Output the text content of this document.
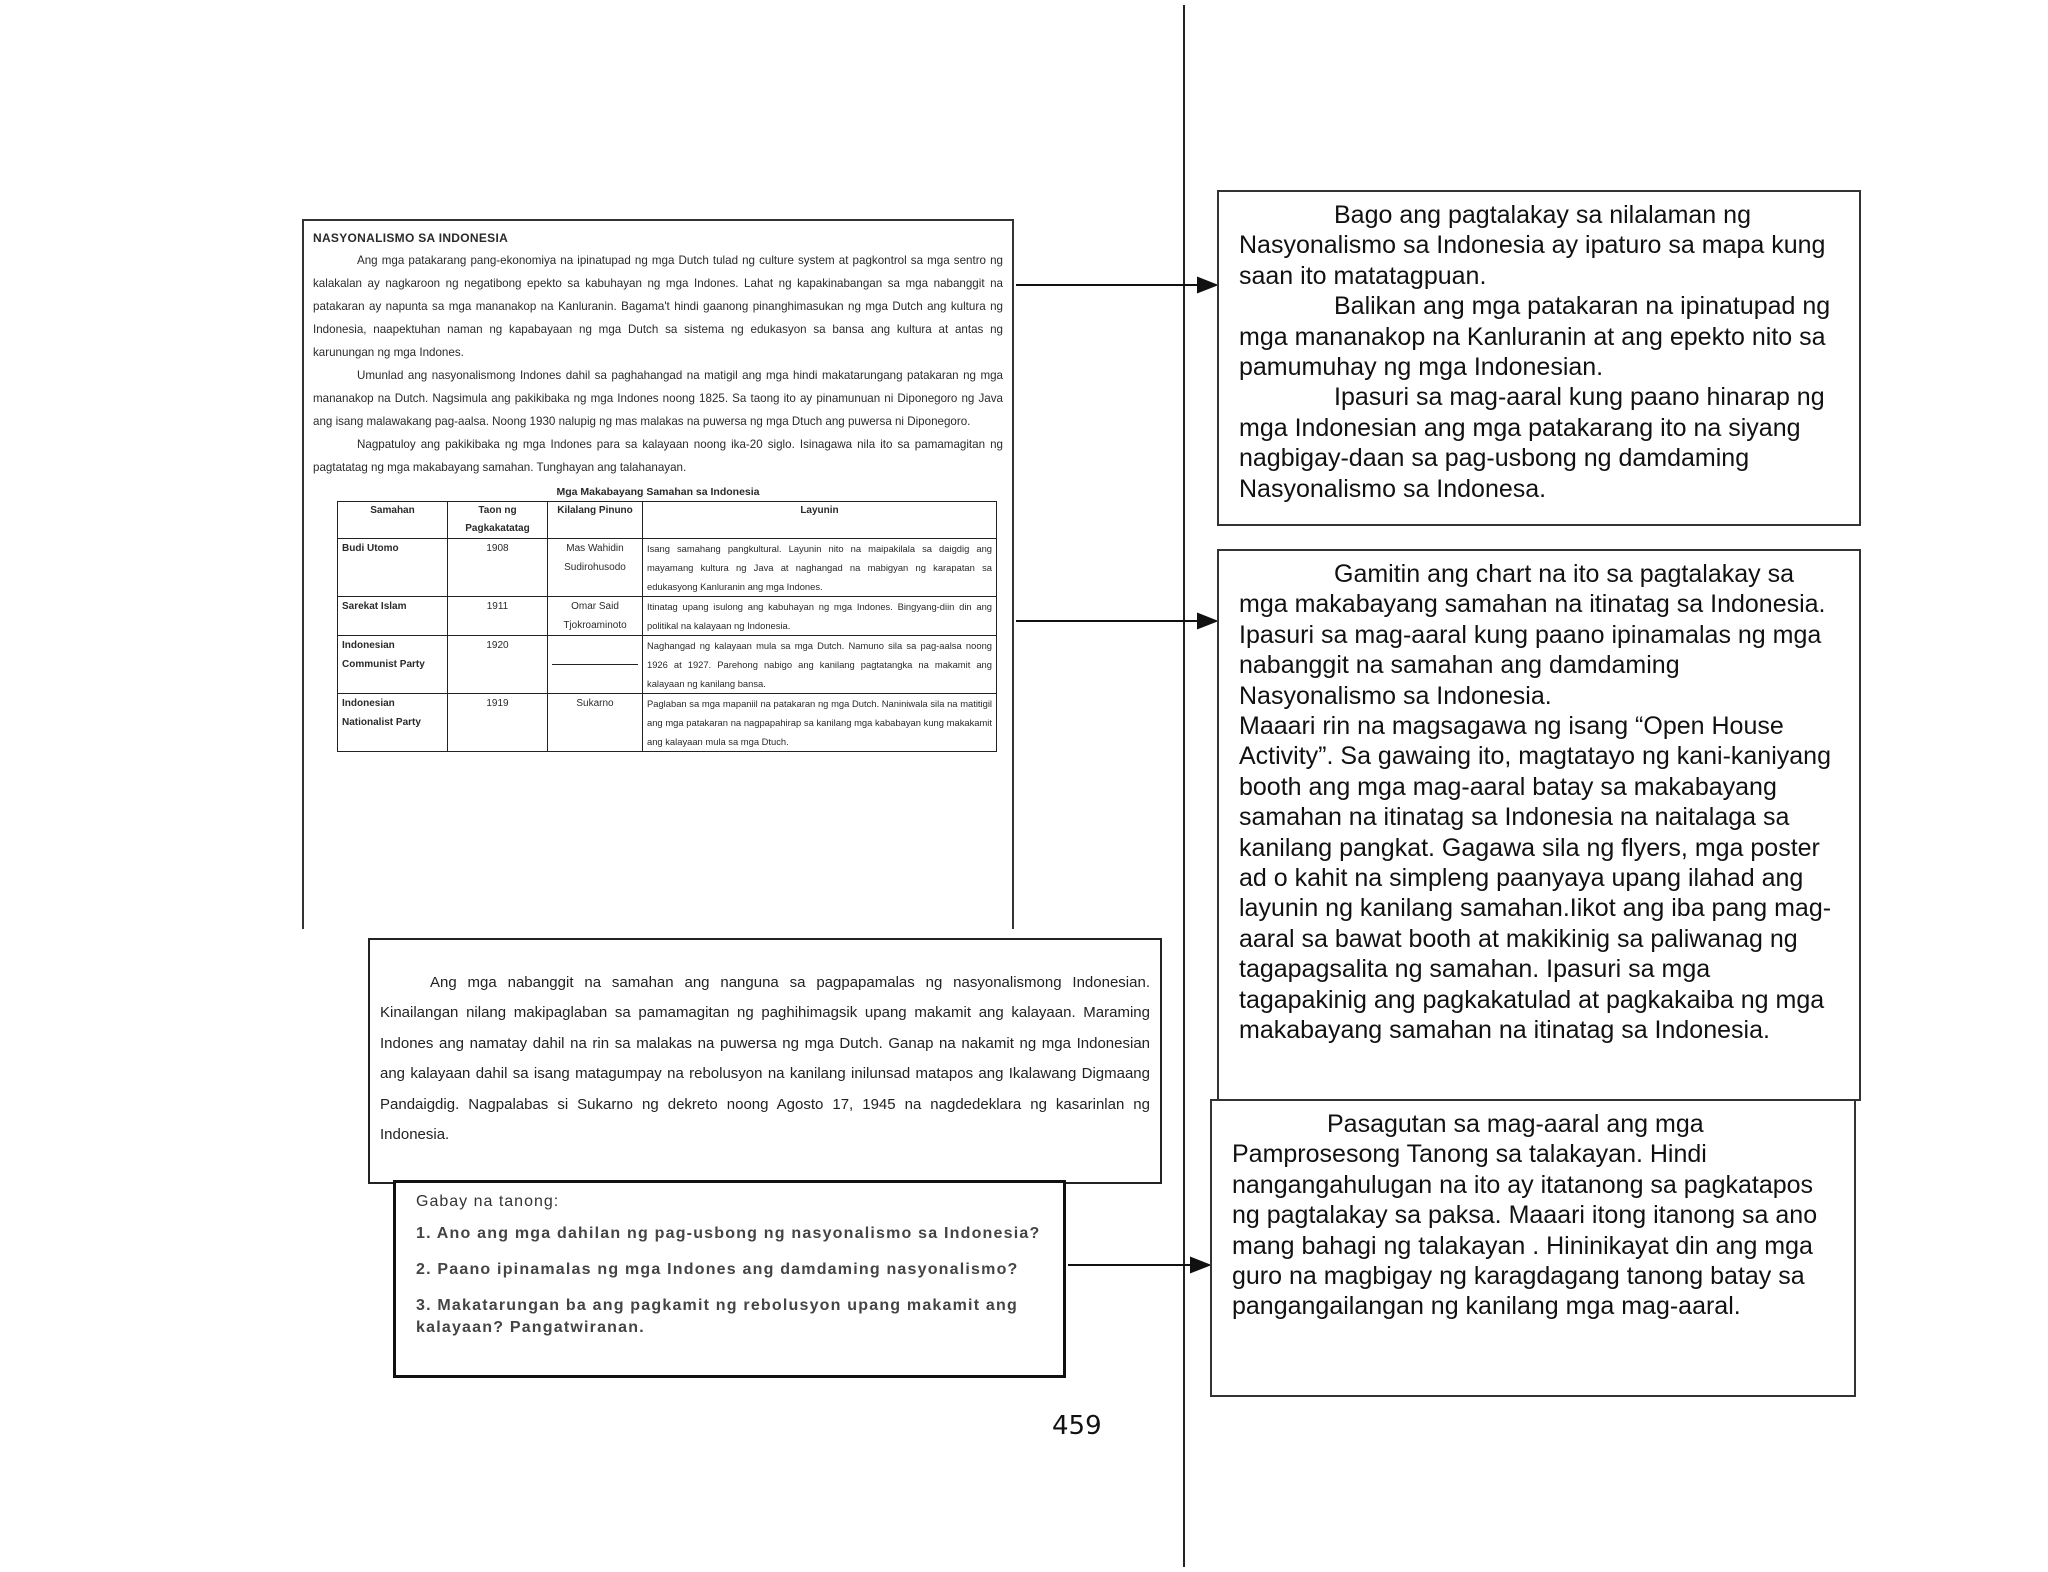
NASYONALISMO SA INDONESIA

Ang mga patakarang pang-ekonomiya na ipinatupad ng mga Dutch tulad ng culture system at pagkontrol sa mga sentro ng kalakalan ay nagkaroon ng negatibong epekto sa kabuhayan ng mga Indones. Lahat ng kapakinabangan sa mga nabanggit na patakaran ay napunta sa mga mananakop na Kanluranin. Bagama't hindi gaanong pinanghimasukan ng mga Dutch ang kultura ng Indonesia, naapektuhan naman ng kapabayaan ng mga Dutch sa sistema ng edukasyon sa bansa ang kultura at antas ng karunungan ng mga Indones.

Umunlad ang nasyonalismong Indones dahil sa paghahangad na matigil ang mga hindi makatarungang patakaran ng mga mananakop na Dutch. Nagsimula ang pakikibaka ng mga Indones noong 1825. Sa taong ito ay pinamunuan ni Diponegoro ng Java ang isang malawakang pag-aalsa. Noong 1930 nalupig ng mas malakas na puwersa ng mga Dtuch ang puwersa ni Diponegoro.

Nagpatuloy ang pakikibaka ng mga Indones para sa kalayaan noong ika-20 siglo. Isinagawa nila ito sa pamamagitan ng pagtatatag ng mga makabayang samahan. Tunghayan ang talahanayan.

Mga Makabayang Samahan sa Indonesia
Samahan	Taon ng Pagkakatatag	Kilalang Pinuno	Layunin
Budi Utomo	1908	Mas Wahidin Sudirohusodo	Isang samahang pangkultural. Layunin nito na maipakilala sa daigdig ang mayamang kultura ng Java at naghangad na mabigyan ng karapatan sa edukasyong Kanluranin ang mga Indones.
Sarekat Islam	1911	Omar Said Tjokroaminoto	Itinatag upang isulong ang kabuhayan ng mga Indones. Bingyang-diin din ang politikal na kalayaan ng Indonesia.
Indonesian Communist Party	1920		Naghangad ng kalayaan mula sa mga Dutch. Namuno sila sa pag-aalsa noong 1926 at 1927. Parehong nabigo ang kanilang pagtatangka na makamit ang kalayaan ng kanilang bansa.
Indonesian Nationalist Party	1919	Sukarno	Paglaban sa mga mapaniil na patakaran ng mga Dutch. Naniniwala sila na matitigil ang mga patakaran na nagpapahirap sa kanilang mga kababayan kung makakamit ang kalayaan mula sa mga Dtuch.
Ang mga nabanggit na samahan ang nanguna sa pagpapamalas ng nasyonalismong Indonesian. Kinailangan nilang makipaglaban sa pamamagitan ng paghihimagsik upang makamit ang kalayaan. Maraming Indones ang namatay dahil na rin sa malakas na puwersa ng mga Dutch. Ganap na nakamit ng mga Indonesian ang kalayaan dahil sa isang matagumpay na rebolusyon na kanilang inilunsad matapos ang Ikalawang Digmaang Pandaigdig. Nagpalabas si Sukarno ng dekreto noong Agosto 17, 1945 na nagdedeklara ng kasarinlan ng Indonesia.
Gabay na tanong:
1. Ano ang mga dahilan ng pag-usbong ng nasyonalismo sa Indonesia?
2. Paano ipinamalas ng mga Indones ang damdaming nasyonalismo?
3. Makatarungan ba ang pagkamit ng rebolusyon upang makamit ang kalayaan? Pangatwiranan.
Bago ang pagtalakay sa nilalaman ng Nasyonalismo sa Indonesia ay ipaturo sa mapa kung saan ito matatagpuan.
Balikan ang mga patakaran na ipinatupad ng mga mananakop na Kanluranin at ang epekto nito sa pamumuhay ng mga Indonesian.
Ipasuri sa mag-aaral kung paano hinarap ng mga Indonesian ang mga patakarang ito na siyang nagbigay-daan sa pag-usbong ng damdaming Nasyonalismo sa Indonesa.
Gamitin ang chart na ito sa pagtalakay sa mga makabayang samahan na itinatag sa Indonesia. Ipasuri sa mag-aaral kung paano ipinamalas ng mga nabanggit na samahan ang damdaming Nasyonalismo sa Indonesia.
Maaari rin na magsagawa ng isang “Open House Activity”. Sa gawaing ito, magtatayo ng kani-kaniyang booth ang mga mag-aaral batay sa makabayang samahan na itinatag sa Indonesia na naitalaga sa kanilang pangkat. Gagawa sila ng flyers, mga poster ad o kahit na simpleng paanyaya upang ilahad ang layunin ng kanilang samahan.Iikot ang iba pang mag-aaral sa bawat booth at makikinig sa paliwanag ng tagapagsalita ng samahan. Ipasuri sa mga tagapakinig ang pagkakatulad at pagkakaiba ng mga makabayang samahan na itinatag sa Indonesia.
Pasagutan sa mag-aaral ang mga Pamprosesong Tanong sa talakayan. Hindi nangangahulugan na ito ay itatanong sa pagkatapos ng pagtalakay sa paksa. Maaari itong itanong sa ano mang bahagi ng talakayan . Hininikayat din ang mga guro na magbigay ng karagdagang tanong batay sa pangangailangan ng kanilang mga mag-aaral.
459
